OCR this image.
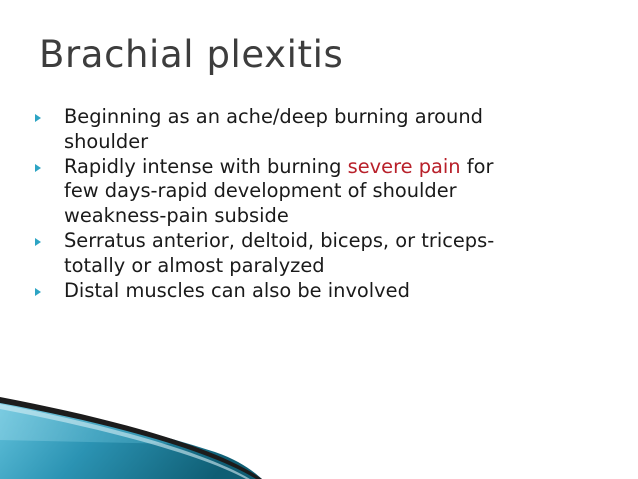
Brachial plexitis
Beginning as an ache/deep burning around
shoulder
Rapidly intense with burning severe pain for
few days-rapid development of shoulder
weakness-pain subside
Serratus anterior, deltoid, biceps, or triceps-
totally or almost paralyzed
Distal muscles can also be involved
